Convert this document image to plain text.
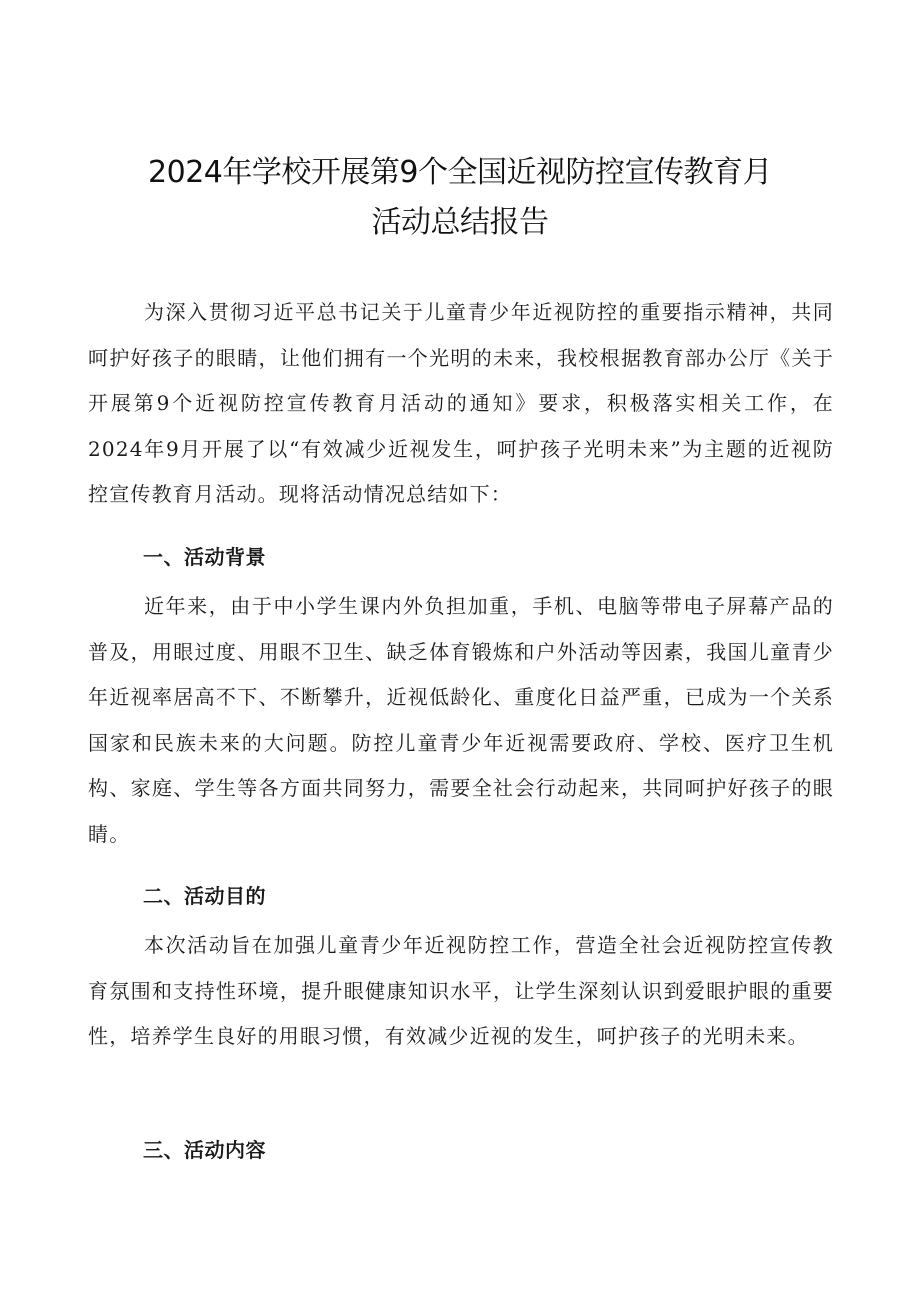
2024年学校开展第9个全国近视防控宣传教育月
活动总结报告

为深入贯彻习近平总书记关于儿童青少年近视防控的重要指示精神，共同呵护好孩子的眼睛，让他们拥有一个光明的未来，我校根据教育部办公厅《关于开展第9个近视防控宣传教育月活动的通知》要求，积极落实相关工作，在2024年9月开展了以“有效减少近视发生，呵护孩子光明未来”为主题的近视防控宣传教育月活动。现将活动情况总结如下：

一、活动背景

近年来，由于中小学生课内外负担加重，手机、电脑等带电子屏幕产品的普及，用眼过度、用眼不卫生、缺乏体育锻炼和户外活动等因素，我国儿童青少年近视率居高不下、不断攀升，近视低龄化、重度化日益严重，已成为一个关系国家和民族未来的大问题。防控儿童青少年近视需要政府、学校、医疗卫生机构、家庭、学生等各方面共同努力，需要全社会行动起来，共同呵护好孩子的眼睛。

二、活动目的

本次活动旨在加强儿童青少年近视防控工作，营造全社会近视防控宣传教育氛围和支持性环境，提升眼健康知识水平，让学生深刻认识到爱眼护眼的重要性，培养学生良好的用眼习惯，有效减少近视的发生，呵护孩子的光明未来。

三、活动内容
